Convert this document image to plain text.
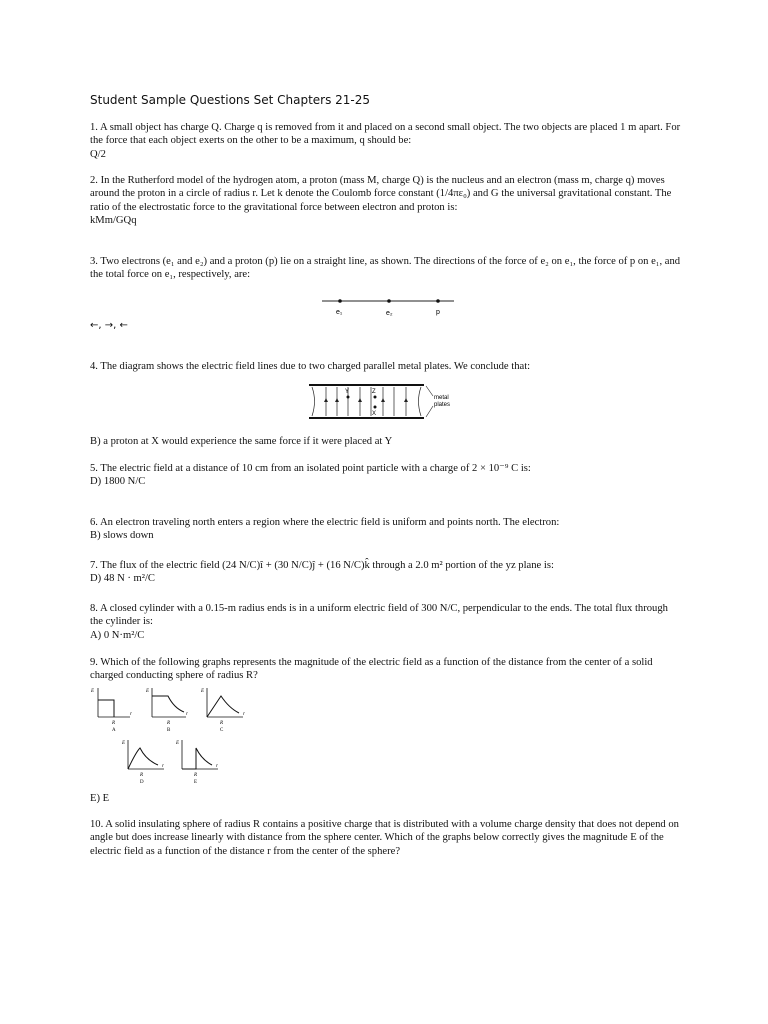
Student Sample Questions Set Chapters 21-25
1. A small object has charge Q. Charge q is removed from it and placed on a second small object. The two objects are placed 1 m apart. For the force that each object exerts on the other to be a maximum, q should be:
Q/2
2. In the Rutherford model of the hydrogen atom, a proton (mass M, charge Q) is the nucleus and an electron (mass m, charge q) moves around the proton in a circle of radius r. Let k denote the Coulomb force constant (1/4πε₀) and G the universal gravitational constant. The ratio of the electrostatic force to the gravitational force between electron and proton is:
kMm/GQq
3. Two electrons (e₁ and e₂) and a proton (p) lie on a straight line, as shown. The directions of the force of e₂ on e₁, the force of p on e₁, and the total force on e₁, respectively, are:
e₁	e₂	p
←, →, ←
4. The diagram shows the electric field lines due to two charged parallel metal plates. We conclude that:
Y	Z
X
metal
plates
B) a proton at X would experience the same force if it were placed at Y
5. The electric field at a distance of 10 cm from an isolated point particle with a charge of 2 × 10⁻⁹ C is:
D) 1800 N/C
6. An electron traveling north enters a region where the electric field is uniform and points north. The electron:
B) slows down
7. The flux of the electric field (24 N/C)î + (30 N/C)ĵ + (16 N/C)k̂ through a 2.0 m² portion of the yz plane is:
D) 48 N · m²/C
8. A closed cylinder with a 0.15-m radius ends is in a uniform electric field of 300 N/C, perpendicular to the ends. The total flux through the cylinder is:
A) 0 N·m²/C
9. Which of the following graphs represents the magnitude of the electric field as a function of the distance from the center of a solid charged conducting sphere of radius R?
E
r
R
A
E
r
R
B
E
r
R
C
E
r
R
D
E
r
R
E
E) E
10. A solid insulating sphere of radius R contains a positive charge that is distributed with a volume charge density that does not depend on angle but does increase linearly with distance from the sphere center. Which of the graphs below correctly gives the magnitude E of the electric field as a function of the distance r from the center of the sphere?
